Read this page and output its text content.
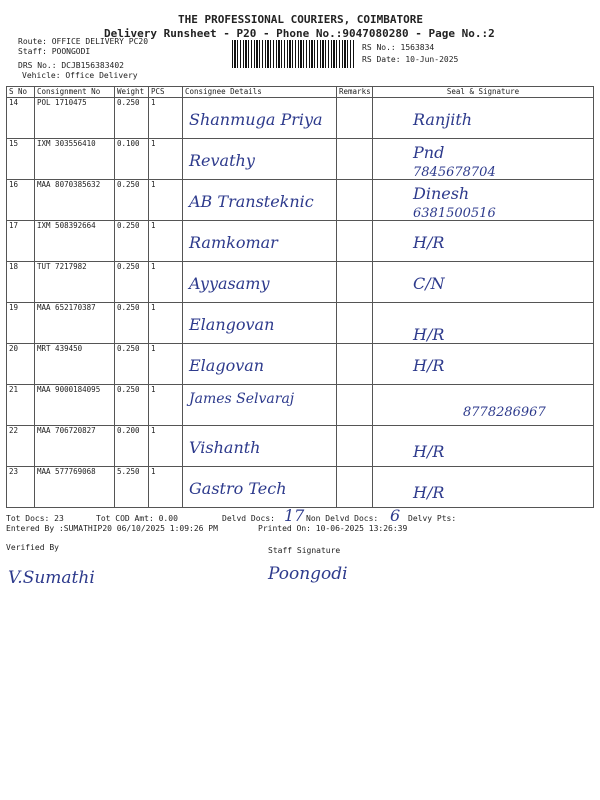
THE PROFESSIONAL COURIERS, COIMBATORE
Delivery Runsheet - P20 - Phone No.:9047080280 - Page No.:2
Route: OFFICE DELIVERY PC20
Staff: POONGODI
DRS No.: DCJB156383402
Vehicle: Office Delivery
RS No.: 1563834
RS Date: 10-Jun-2025
S No	Consignment No	Weight	PCS	Consignee Details	Remarks	Seal & Signature
14	POL 1710475	0.250	1	Shanmuga Priya		Ranjith

15	IXM 303556410	0.100	1	Revathy		Pnd
7845678704

16	MAA 8070385632	0.250	1	AB Transteknic		Dinesh
6381500516

17	IXM 508392664	0.250	1	Ramkomar		H/R

18	TUT 7217982	0.250	1	Ayyasamy		C/N

19	MAA 652170387	0.250	1	Elangovan		H/R

20	MRT 439450	0.250	1	Elagovan		H/R

21	MAA 9000184095	0.250	1	James Selvaraj		8778286967

22	MAA 706720827	0.200	1	Vishanth		H/R

23	MAA 577769068	5.250	1	Gastro Tech		H/R
Tot Docs: 23	Tot COD Amt: 0.00	Delvd Docs: 17 Non Delvd Docs: 6 Delvy Pts:
Entered By :SUMATHIP20 06/10/2025 1:09:26 PM	Printed On: 10-06-2025 13:26:39
Verified By
V.Sumathi
Staff Signature
Poongodi
